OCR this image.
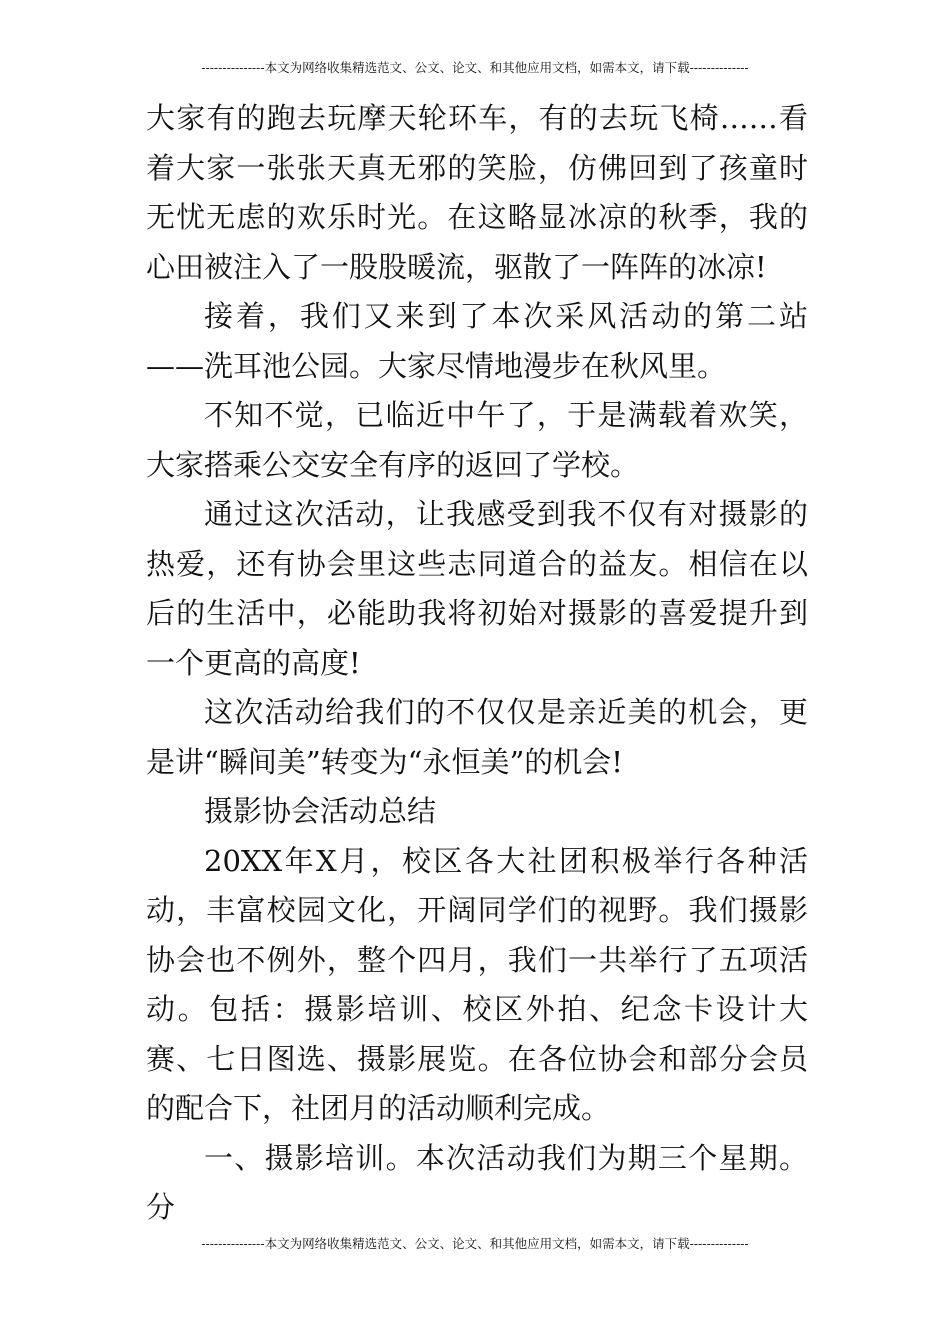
---------------本文为网络收集精选范文、公文、论文、和其他应用文档，如需本文，请下载--------------

大家有的跑去玩摩天轮环车，有的去玩飞椅……看着大家一张张天真无邪的笑脸，仿佛回到了孩童时无忧无虑的欢乐时光。在这略显冰凉的秋季，我的心田被注入了一股股暖流，驱散了一阵阵的冰凉!

接着，我们又来到了本次采风活动的第二站——洗耳池公园。大家尽情地漫步在秋风里。

不知不觉，已临近中午了，于是满载着欢笑，大家搭乘公交安全有序的返回了学校。

通过这次活动，让我感受到我不仅有对摄影的热爱，还有协会里这些志同道合的益友。相信在以后的生活中，必能助我将初始对摄影的喜爱提升到一个更高的高度!

这次活动给我们的不仅仅是亲近美的机会，更是讲“瞬间美”转变为“永恒美”的机会!

摄影协会活动总结

20XX年X月，校区各大社团积极举行各种活动，丰富校园文化，开阔同学们的视野。我们摄影协会也不例外，整个四月，我们一共举行了五项活动。包括：摄影培训、校区外拍、纪念卡设计大赛、七日图选、摄影展览。在各位协会和部分会员的配合下，社团月的活动顺利完成。

一、摄影培训。本次活动我们为期三个星期。分

---------------本文为网络收集精选范文、公文、论文、和其他应用文档，如需本文，请下载--------------
